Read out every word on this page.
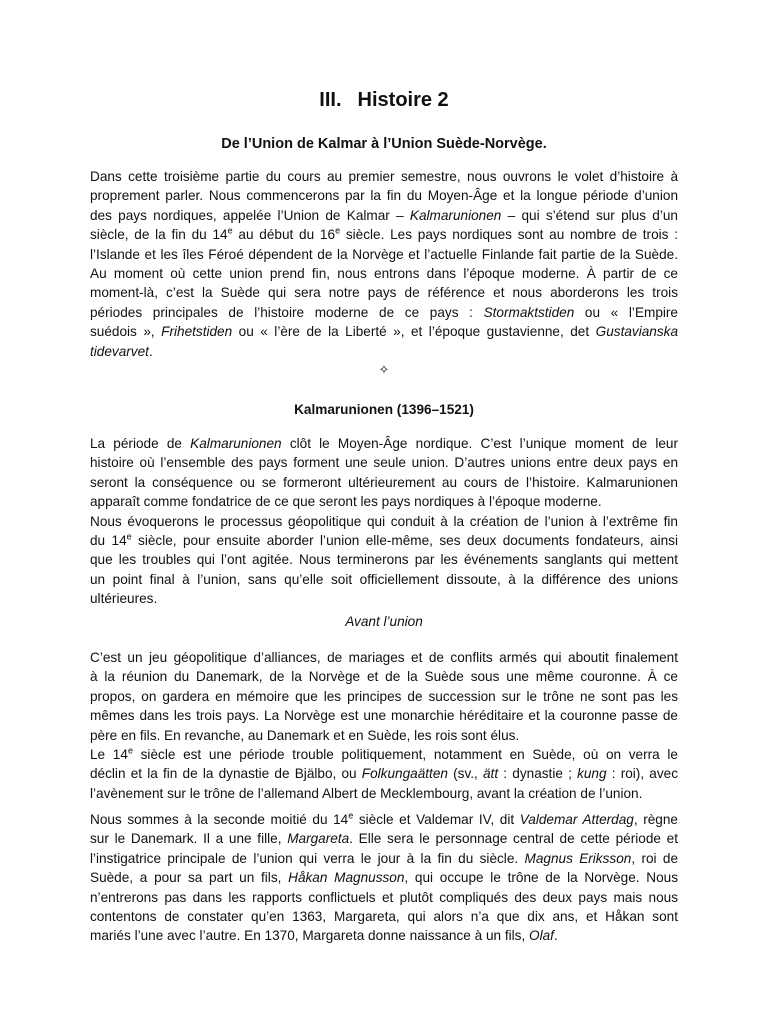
III. Histoire 2
De l’Union de Kalmar à l’Union Suède-Norvège.
Dans cette troisième partie du cours au premier semestre, nous ouvrons le volet d’histoire à
proprement parler. Nous commencerons par la fin du Moyen-Âge et la longue période d’union
des pays nordiques, appelée l’Union de Kalmar – Kalmarunionen – qui s’étend sur plus d’un
siècle, de la fin du 14e au début du 16e siècle. Les pays nordiques sont au nombre de trois :
l’Islande et les îles Féroé dépendent de la Norvège et l’actuelle Finlande fait partie de la Suède.
Au moment où cette union prend fin, nous entrons dans l’époque moderne. À partir de ce
moment-là, c’est la Suède qui sera notre pays de référence et nous aborderons les trois
périodes principales de l’histoire moderne de ce pays : Stormaktstiden ou « l’Empire
suédois », Frihetstiden ou « l’ère de la Liberté », et l’époque gustavienne, det Gustavianska
tidevarvet.
✧
Kalmarunionen (1396–1521)
La période de Kalmarunionen clôt le Moyen-Âge nordique. C’est l’unique moment de leur
histoire où l’ensemble des pays forment une seule union. D’autres unions entre deux pays en
seront la conséquence ou se formeront ultérieurement au cours de l’histoire. Kalmarunionen
apparaît comme fondatrice de ce que seront les pays nordiques à l’époque moderne.
Nous évoquerons le processus géopolitique qui conduit à la création de l’union à l’extrême fin
du 14e siècle, pour ensuite aborder l’union elle-même, ses deux documents fondateurs, ainsi
que les troubles qui l’ont agitée. Nous terminerons par les événements sanglants qui mettent
un point final à l’union, sans qu’elle soit officiellement dissoute, à la différence des unions
ultérieures.
Avant l’union
C’est un jeu géopolitique d’alliances, de mariages et de conflits armés qui aboutit finalement
à la réunion du Danemark, de la Norvège et de la Suède sous une même couronne. À ce
propos, on gardera en mémoire que les principes de succession sur le trône ne sont pas les
mêmes dans les trois pays. La Norvège est une monarchie héréditaire et la couronne passe de
père en fils. En revanche, au Danemark et en Suède, les rois sont élus.
Le 14e siècle est une période trouble politiquement, notamment en Suède, où on verra le
déclin et la fin de la dynastie de Bjälbo, ou Folkungaätten (sv., ätt : dynastie ; kung : roi), avec
l’avènement sur le trône de l’allemand Albert de Mecklembourg, avant la création de l’union.
Nous sommes à la seconde moitié du 14e siècle et Valdemar IV, dit Valdemar Atterdag, règne
sur le Danemark. Il a une fille, Margareta. Elle sera le personnage central de cette période et
l’instigatrice principale de l’union qui verra le jour à la fin du siècle. Magnus Eriksson, roi de
Suède, a pour sa part un fils, Håkan Magnusson, qui occupe le trône de la Norvège. Nous
n’entrerons pas dans les rapports conflictuels et plutôt compliqués des deux pays mais nous
contentons de constater qu’en 1363, Margareta, qui alors n’a que dix ans, et Håkan sont
mariés l’une avec l’autre. En 1370, Margareta donne naissance à un fils, Olaf.
